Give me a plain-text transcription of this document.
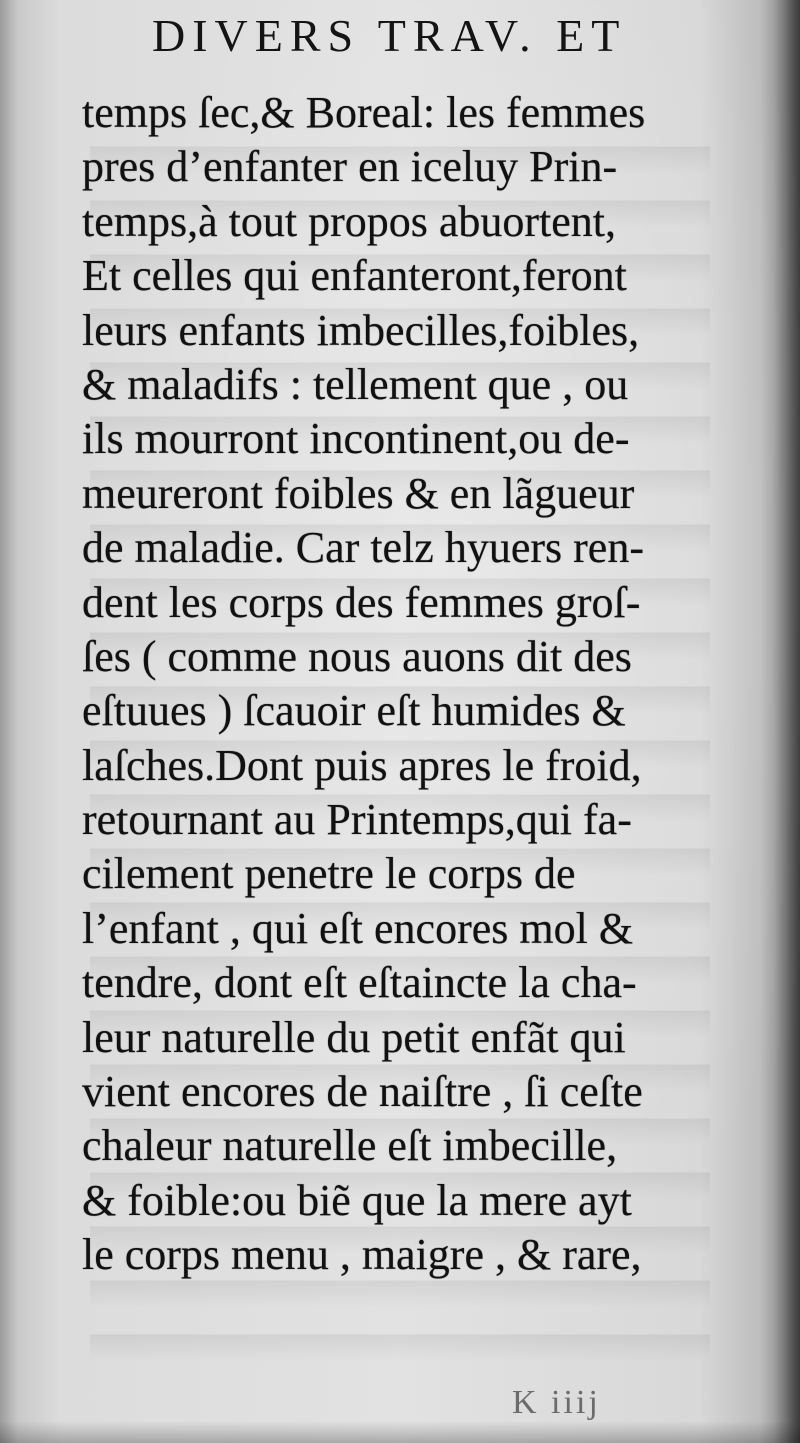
DIVERS TRAV. ET
temps ſec,& Boreal: les femmes
pres d’enfanter en iceluy Prin-
temps,à tout propos abuortent,
Et celles qui enfanteront,feront
leurs enfants imbecilles,foibles,
& maladifs : tellement que , ou
ils mourront incontinent,ou de-
meureront foibles & en lãgueur
de maladie. Car telz hyuers ren-
dent les corps des femmes groſ-
ſes ( comme nous auons dit des
eſtuues ) ſcauoir eſt humides &
laſches.Dont puis apres le froid,
retournant au Printemps,qui fa-
cilement penetre le corps de
l’enfant , qui eſt encores mol &
tendre, dont eſt eſtaincte la cha-
leur naturelle du petit enfãt qui
vient encores de naiſtre , ſi ceſte
chaleur naturelle eſt imbecille,
& foible:ou biẽ que la mere ayt
le corps menu , maigre , & rare,
K iiij
